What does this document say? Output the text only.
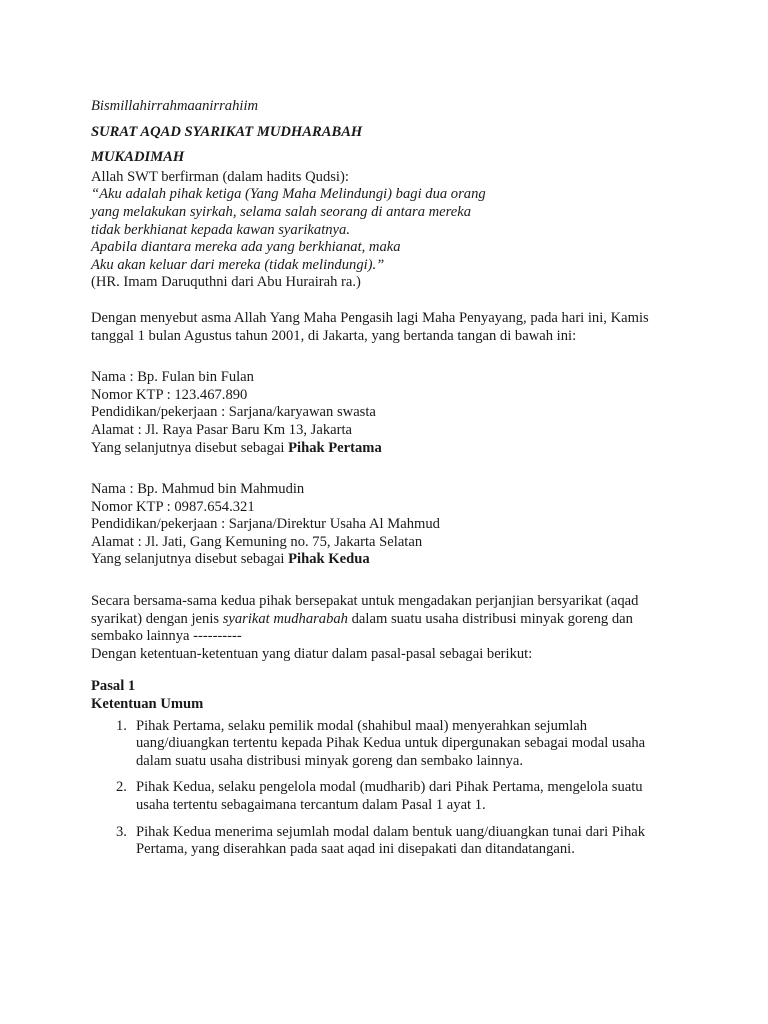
Bismillahirrahmaanirrahiim

SURAT AQAD SYARIKAT MUDHARABAH

MUKADIMAH

Allah SWT berfirman (dalam hadits Qudsi):

“Aku adalah pihak ketiga (Yang Maha Melindungi) bagi dua orang

yang melakukan syirkah, selama salah seorang di antara mereka

tidak berkhianat kepada kawan syarikatnya.

Apabila diantara mereka ada yang berkhianat, maka

Aku akan keluar dari mereka (tidak melindungi).”

(HR. Imam Daruquthni dari Abu Hurairah ra.)

Dengan menyebut asma Allah Yang Maha Pengasih lagi Maha Penyayang, pada hari ini, Kamis

tanggal 1 bulan Agustus tahun 2001, di Jakarta, yang bertanda tangan di bawah ini:

Nama : Bp. Fulan bin Fulan

Nomor KTP : 123.467.890

Pendidikan/pekerjaan : Sarjana/karyawan swasta

Alamat : Jl. Raya Pasar Baru Km 13, Jakarta

Yang selanjutnya disebut sebagai Pihak Pertama

Nama : Bp. Mahmud bin Mahmudin

Nomor KTP : 0987.654.321

Pendidikan/pekerjaan : Sarjana/Direktur Usaha Al Mahmud

Alamat : Jl. Jati, Gang Kemuning no. 75, Jakarta Selatan

Yang selanjutnya disebut sebagai Pihak Kedua

Secara bersama-sama kedua pihak bersepakat untuk mengadakan perjanjian bersyarikat (aqad

syarikat) dengan jenis syarikat mudharabah dalam suatu usaha distribusi minyak goreng dan

sembako lainnya ----------

Dengan ketentuan-ketentuan yang diatur dalam pasal-pasal sebagai berikut:

Pasal 1

Ketentuan Umum

1. Pihak Pertama, selaku pemilik modal (shahibul maal) menyerahkan sejumlah
uang/diuangkan tertentu kepada Pihak Kedua untuk dipergunakan sebagai modal usaha
dalam suatu usaha distribusi minyak goreng dan sembako lainnya.
2. Pihak Kedua, selaku pengelola modal (mudharib) dari Pihak Pertama, mengelola suatu
usaha tertentu sebagaimana tercantum dalam Pasal 1 ayat 1.
3. Pihak Kedua menerima sejumlah modal dalam bentuk uang/diuangkan tunai dari Pihak
Pertama, yang diserahkan pada saat aqad ini disepakati dan ditandatangani.
